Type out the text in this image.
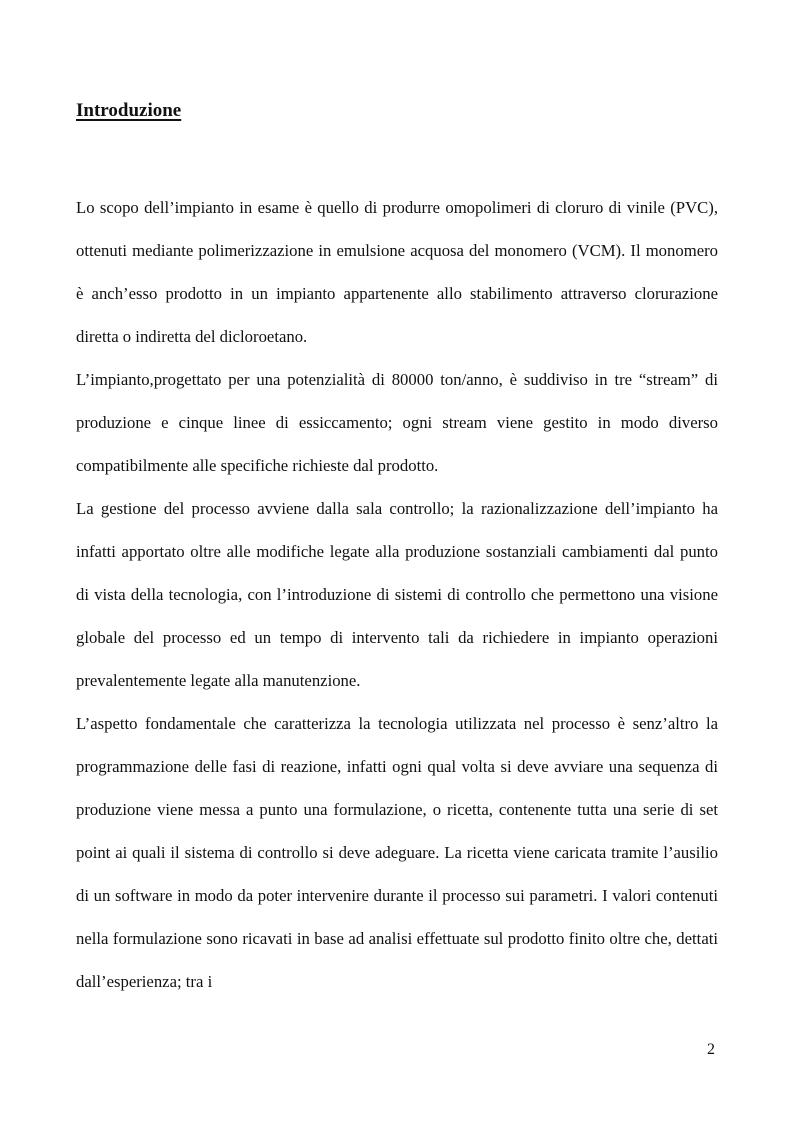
Introduzione

Lo scopo dell’impianto in esame è quello di produrre omopolimeri di cloruro di vinile (PVC), ottenuti mediante polimerizzazione in emulsione acquosa del monomero (VCM). Il monomero è anch’esso prodotto in un impianto appartenente allo stabilimento attraverso clorurazione diretta o indiretta del dicloroetano.

L’impianto,progettato per una potenzialità di 80000 ton/anno, è suddiviso in tre “stream” di produzione e cinque linee di essiccamento; ogni stream viene gestito in modo diverso compatibilmente alle specifiche richieste dal prodotto.

La gestione del processo avviene dalla sala controllo; la razionalizzazione dell’impianto ha infatti apportato oltre alle modifiche legate alla produzione sostanziali cambiamenti dal punto di vista della tecnologia, con l’introduzione di sistemi di controllo che permettono una visione globale del processo ed un tempo di intervento tali da richiedere in impianto operazioni prevalentemente legate alla manutenzione.

L’aspetto fondamentale che caratterizza la tecnologia utilizzata nel processo è senz’altro la programmazione delle fasi di reazione, infatti ogni qual volta si deve avviare una sequenza di produzione viene messa a punto una formulazione, o ricetta, contenente tutta una serie di set point ai quali il sistema di controllo si deve adeguare. La ricetta viene caricata tramite l’ausilio di un software in modo da poter intervenire durante il processo sui parametri. I valori contenuti nella formulazione sono ricavati in base ad analisi effettuate sul prodotto finito oltre che, dettati dall’esperienza; tra i

2
